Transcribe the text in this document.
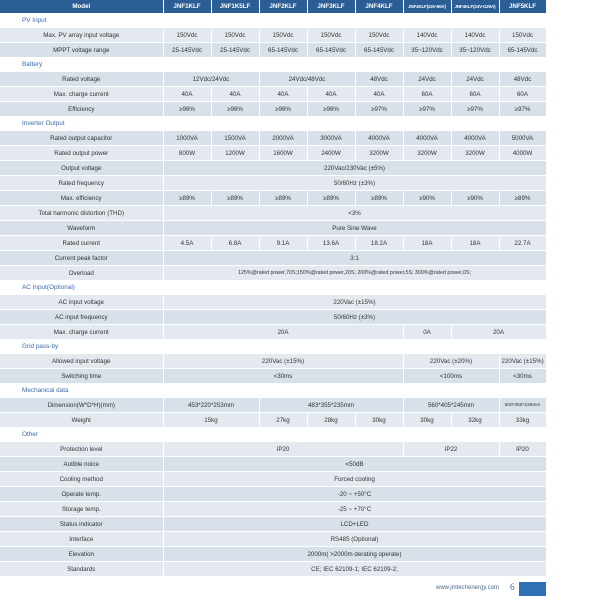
Model	JNF1KLF	JNF1K5LF	JNF2KLF	JNF3KLF	JNF4KLF	JNF4KLF(24V-60A)	JNF4KLF(24V-G20A)	JNF5KLF
PV Input								
Max. PV array input voltage	150Vdc	150Vdc	150Vdc	150Vdc	150Vdc	140Vdc	140Vdc	150Vdc
MPPT voltage range	25-145Vdc	25-145Vdc	65-145Vdc	65-145Vdc	65-145Vdc	35~120Vdc	35~120Vdc	65-145Vdc
Battery								
Rated voltage	12Vdc/24Vdc		24Vdc/48Vdc		48Vdc	24Vdc	24Vdc	48Vdc
Max. charge current	40A	40A	40A	40A	40A	60A	60A	60A
Efficiency	≥96%	≥96%	≥96%	≥96%	≥97%	≥97%	≥97%	≥97%
Inverter Output								
Rated output capacitor	1000VA	1500VA	2000VA	3000VA	4000VA	4000VA	4000VA	5000VA
Rated output power	800W	1200W	1600W	2400W	3200W	3200W	3200W	4000W
Output voltage	220Vac/230Vac (±5%)							
Rated frequency	50/60Hz (±3%)							
Max. efficiency	≥89%	≥89%	≥89%	≥89%	≥89%	≥90%	≥90%	≥89%
Total harmonic distortion (THD)	<3%							
Waveform	Pure Sine Wave							
Rated current	4.5A	6.8A	9.1A	13.6A	18.2A	18A	18A	22.7A
Current peak factor	3:1							
Overload	125%@rated power,70S;150%@rated power,20S; 200%@rated power,5S; 300%@rated power,0S;							
AC Input(Optional)								
AC input voltage	220Vac (±15%)							
AC input frequency	50/60Hz (±3%)							
Max. charge current	20A					0A	20A	
Grid pass-by								
Allowed input voltage	220Vac (±15%)					220Vac (±20%)		220Vac (±15%)
Switching time	<30ms					<100ms		<30ms
Mechanical data								
Dimension(W*D*H)(mm)	453*220*253mm		483*355*235mm			560*405*245mm		500*355*235mm
Weight	15kg		27kg	28kg	30kg	30kg	32kg	33kg
Other								
Protection level	IP20					IP22		IP20
Autible noice	<50dB							
Cooling method	Forced cooling							
Operate temp.	-20 ~ +50°C							
Storage temp.	-25 ~ +70°C							
Status indicator	LCD+LED							
Interface	RS485 (Optional)							
Elevation	2000m( >2000m derating operate)							
Standards	CE; IEC 62109-1; IEC 62109-2;							
www.jmtechenergy.com 6
